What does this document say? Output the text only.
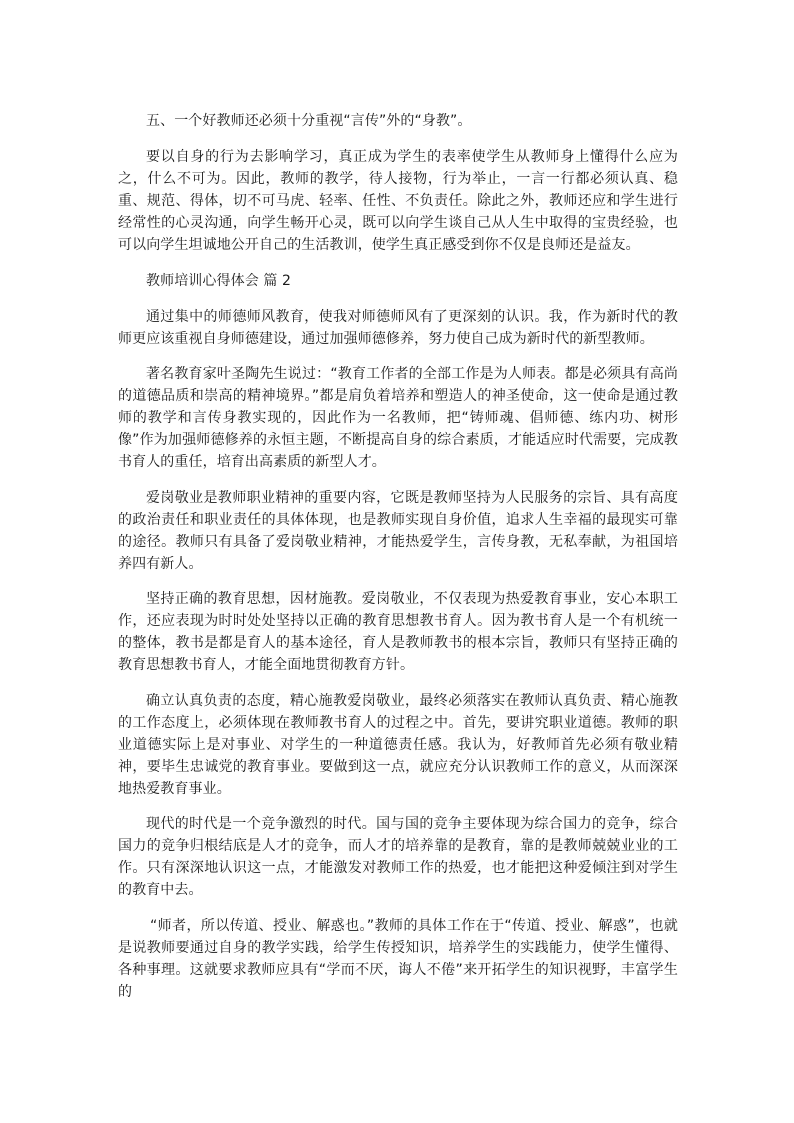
五、一个好教师还必须十分重视“言传”外的“身教”。

要以自身的行为去影响学习，真正成为学生的表率使学生从教师身上懂得什么应为之，什么不可为。因此，教师的教学，待人接物，行为举止，一言一行都必须认真、稳重、规范、得体，切不可马虎、轻率、任性、不负责任。除此之外，教师还应和学生进行经常性的心灵沟通，向学生畅开心灵，既可以向学生谈自己从人生中取得的宝贵经验，也可以向学生坦诚地公开自己的生活教训，使学生真正感受到你不仅是良师还是益友。

教师培训心得体会 篇 2

通过集中的师德师风教育，使我对师德师风有了更深刻的认识。我，作为新时代的教师更应该重视自身师德建设，通过加强师德修养，努力使自己成为新时代的新型教师。

著名教育家叶圣陶先生说过：“教育工作者的全部工作是为人师表。都是必须具有高尚的道德品质和崇高的精神境界。”都是肩负着培养和塑造人的神圣使命，这一使命是通过教师的教学和言传身教实现的，因此作为一名教师，把“铸师魂、倡师德、练内功、树形像”作为加强师德修养的永恒主题，不断提高自身的综合素质，才能适应时代需要，完成教书育人的重任，培育出高素质的新型人才。

爱岗敬业是教师职业精神的重要内容，它既是教师坚持为人民服务的宗旨、具有高度的政治责任和职业责任的具体体现，也是教师实现自身价值，追求人生幸福的最现实可靠的途径。教师只有具备了爱岗敬业精神，才能热爱学生，言传身教，无私奉献，为祖国培养四有新人。

坚持正确的教育思想，因材施教。爱岗敬业，不仅表现为热爱教育事业，安心本职工作，还应表现为时时处处坚持以正确的教育思想教书育人。因为教书育人是一个有机统一的整体，教书是都是育人的基本途径，育人是教师教书的根本宗旨，教师只有坚持正确的教育思想教书育人，才能全面地贯彻教育方针。

确立认真负责的态度，精心施教爱岗敬业，最终必须落实在教师认真负责、精心施教的工作态度上，必须体现在教师教书育人的过程之中。首先，要讲究职业道德。教师的职业道德实际上是对事业、对学生的一种道德责任感。我认为，好教师首先必须有敬业精神，要毕生忠诚党的教育事业。要做到这一点，就应充分认识教师工作的意义，从而深深地热爱教育事业。

现代的时代是一个竞争激烈的时代。国与国的竞争主要体现为综合国力的竞争，综合国力的竞争归根结底是人才的竞争，而人才的培养靠的是教育，靠的是教师兢兢业业的工作。只有深深地认识这一点，才能激发对教师工作的热爱，也才能把这种爱倾注到对学生的教育中去。

“师者，所以传道、授业、解惑也。”教师的具体工作在于“传道、授业、解惑”，也就是说教师要通过自身的教学实践，给学生传授知识，培养学生的实践能力，使学生懂得、各种事理。这就要求教师应具有“学而不厌，诲人不倦”来开拓学生的知识视野，丰富学生的
